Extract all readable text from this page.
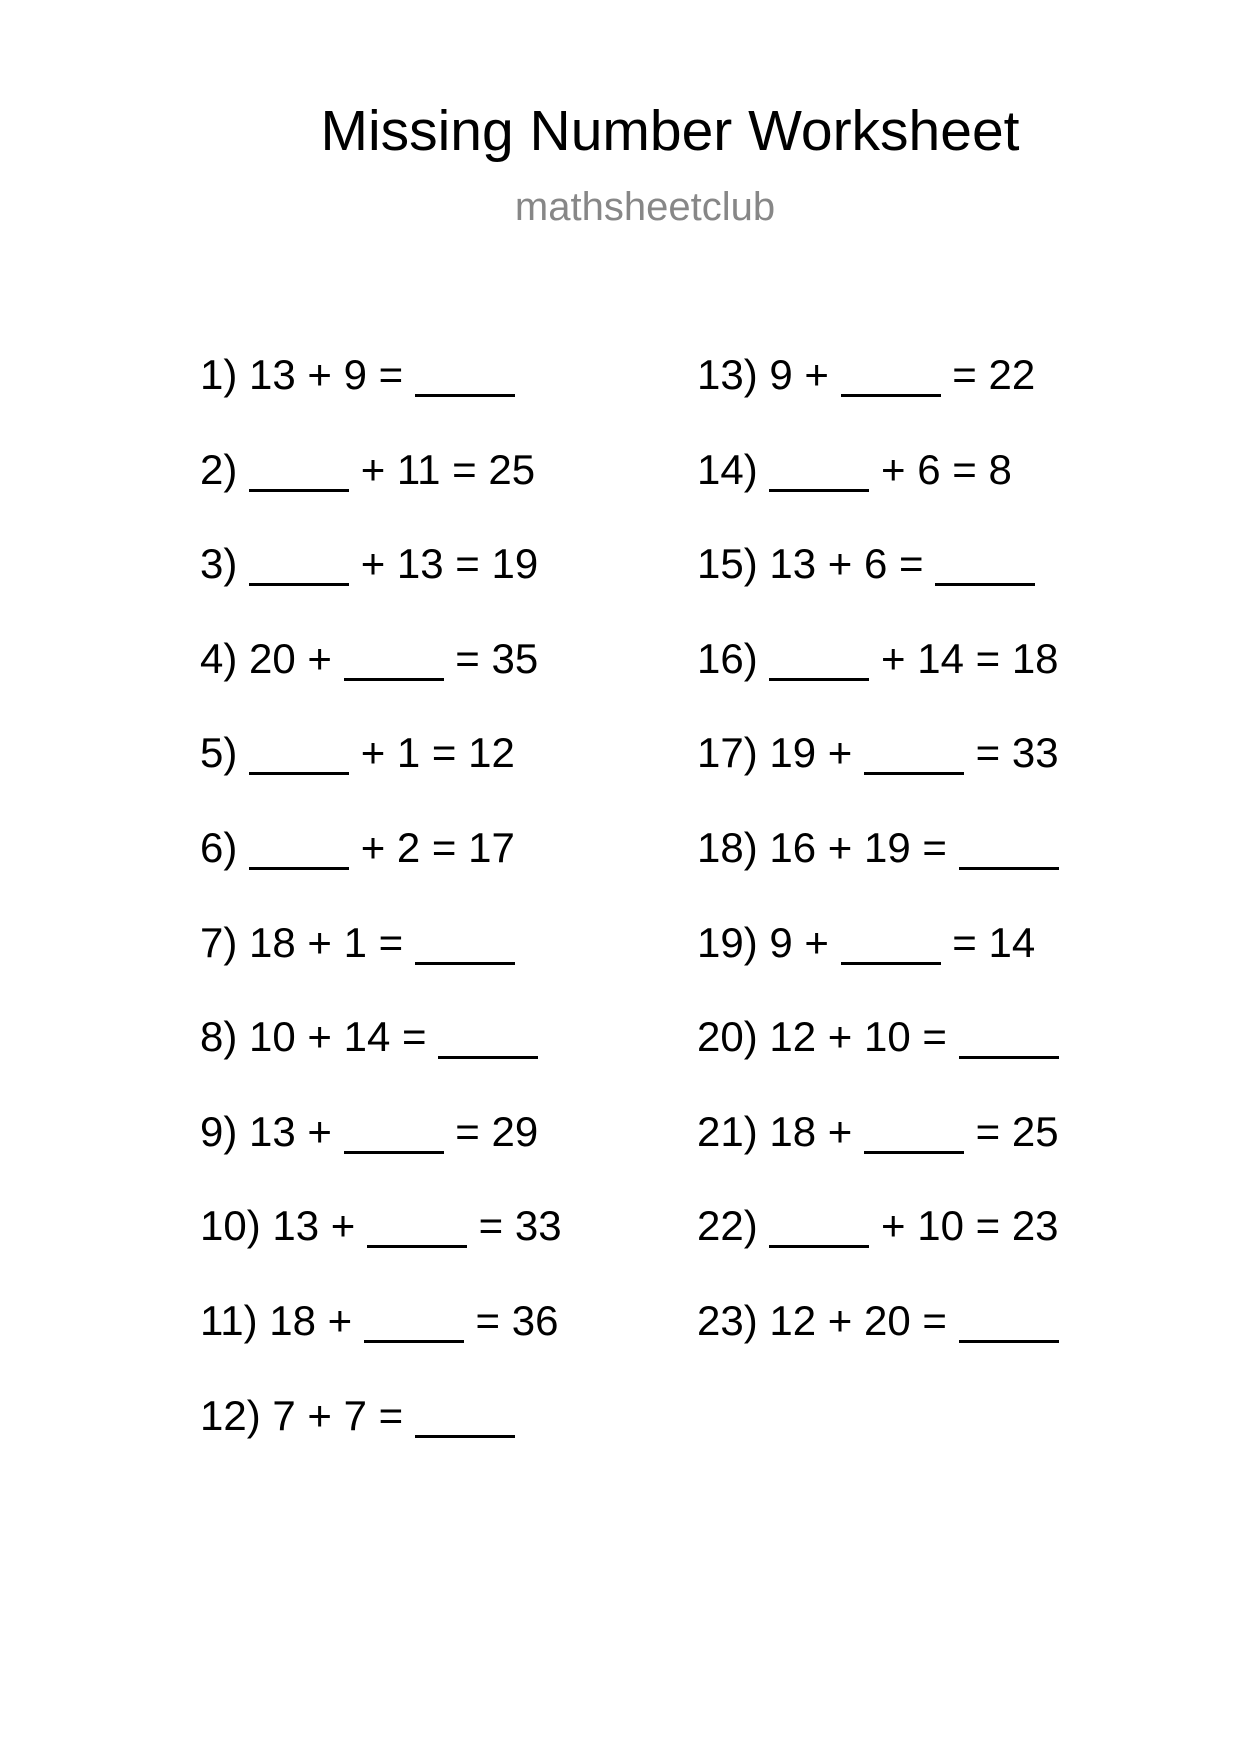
Missing Number Worksheet
mathsheetclub
1) 13 + 9 =
2)	+ 11 = 25
3)	+ 13 = 19
4) 20 +  = 35
5)	+ 1 = 12
6)	+ 2 = 17
7) 18 + 1 =
8) 10 + 14 =
9) 13 +  = 29
10) 13 +  = 33
11) 18 +  = 36
12) 7 + 7 =
13) 9 +  = 22
14)	+ 6 = 8
15) 13 + 6 =
16)	+ 14 = 18
17) 19 +  = 33
18) 16 + 19 =
19) 9 +  = 14
20) 12 + 10 =
21) 18 +  = 25
22)	+ 10 = 23
23) 12 + 20 =
